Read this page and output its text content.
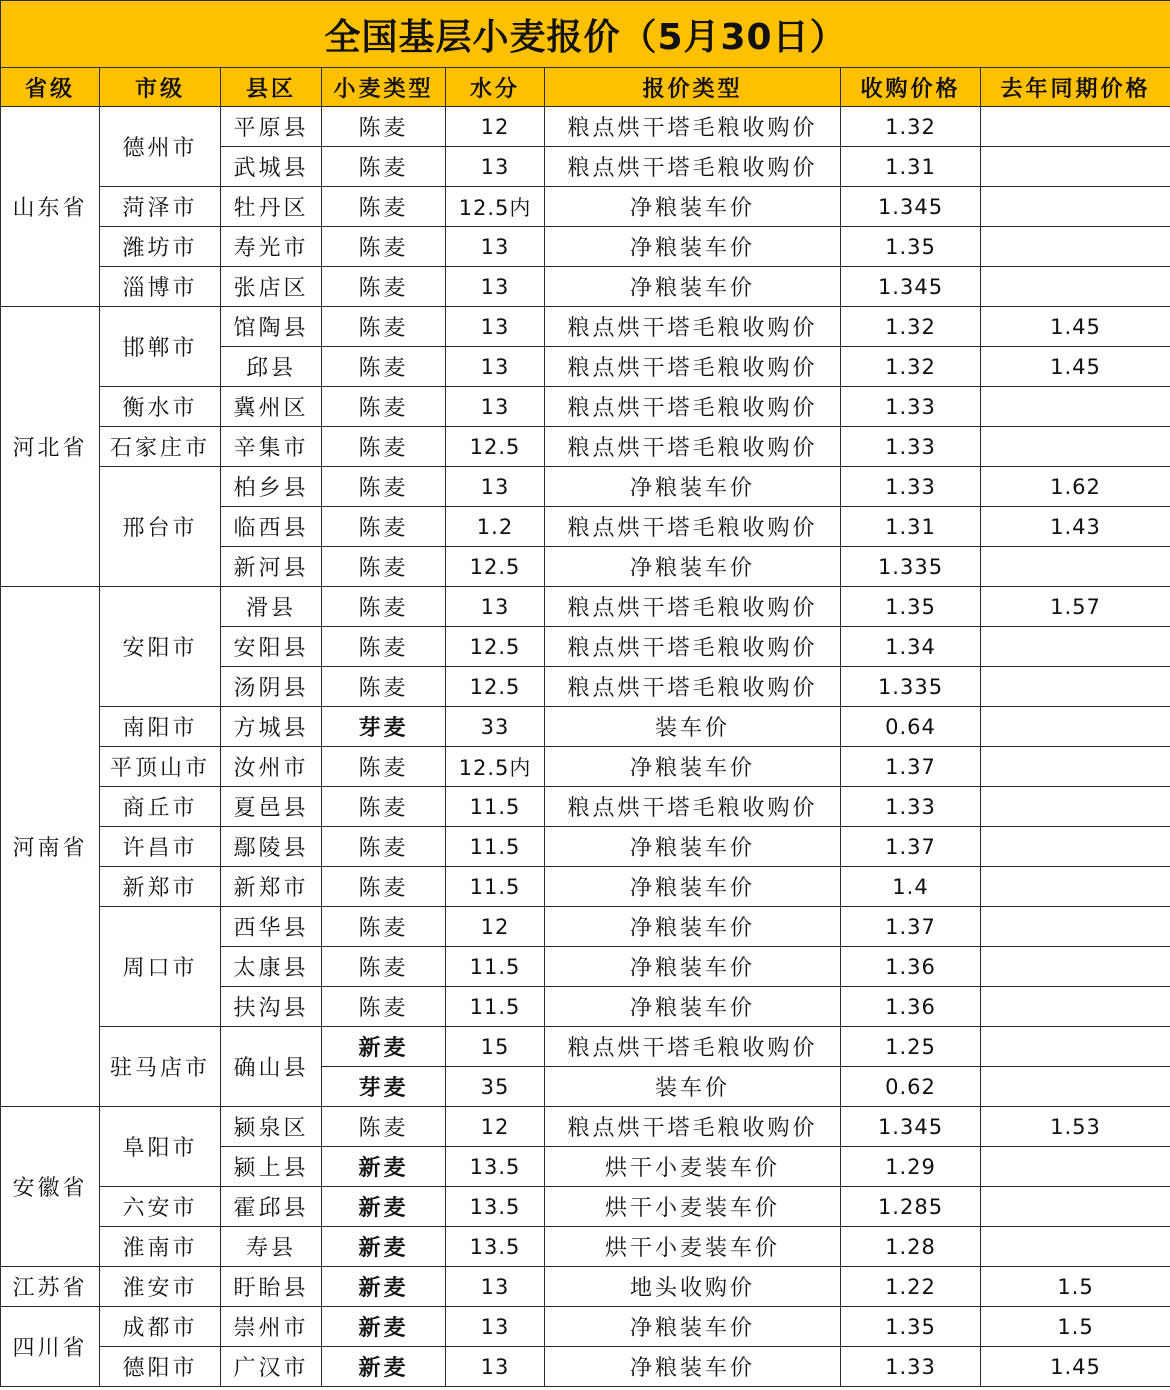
全国基层小麦报价（5月30日）							
省级	市级	县区	小麦类型	水分	报价类型	收购价格	去年同期价格
山东省	德州市	平原县	陈麦	12	粮点烘干塔毛粮收购价	1.32	
		武城县	陈麦	13	粮点烘干塔毛粮收购价	1.31	
	菏泽市	牡丹区	陈麦	12.5内	净粮装车价	1.345	
	潍坊市	寿光市	陈麦	13	净粮装车价	1.35	
	淄博市	张店区	陈麦	13	净粮装车价	1.345	
河北省	邯郸市	馆陶县	陈麦	13	粮点烘干塔毛粮收购价	1.32	1.45
		邱县	陈麦	13	粮点烘干塔毛粮收购价	1.32	1.45
	衡水市	冀州区	陈麦	13	粮点烘干塔毛粮收购价	1.33	
	石家庄市	辛集市	陈麦	12.5	粮点烘干塔毛粮收购价	1.33	
	邢台市	柏乡县	陈麦	13	净粮装车价	1.33	1.62
		临西县	陈麦	1.2	粮点烘干塔毛粮收购价	1.31	1.43
		新河县	陈麦	12.5	净粮装车价	1.335	
河南省	安阳市	滑县	陈麦	13	粮点烘干塔毛粮收购价	1.35	1.57
		安阳县	陈麦	12.5	粮点烘干塔毛粮收购价	1.34	
		汤阴县	陈麦	12.5	粮点烘干塔毛粮收购价	1.335	
	南阳市	方城县	芽麦	33	装车价	0.64	
	平顶山市	汝州市	陈麦	12.5内	净粮装车价	1.37	
	商丘市	夏邑县	陈麦	11.5	粮点烘干塔毛粮收购价	1.33	
	许昌市	鄢陵县	陈麦	11.5	净粮装车价	1.37	
	新郑市	新郑市	陈麦	11.5	净粮装车价	1.4	
	周口市	西华县	陈麦	12	净粮装车价	1.37	
		太康县	陈麦	11.5	净粮装车价	1.36	
		扶沟县	陈麦	11.5	净粮装车价	1.36	
	驻马店市	确山县	新麦	15	粮点烘干塔毛粮收购价	1.25	
			芽麦	35	装车价	0.62	
安徽省	阜阳市	颍泉区	陈麦	12	粮点烘干塔毛粮收购价	1.345	1.53
		颍上县	新麦	13.5	烘干小麦装车价	1.29	
	六安市	霍邱县	新麦	13.5	烘干小麦装车价	1.285	
	淮南市	寿县	新麦	13.5	烘干小麦装车价	1.28	
江苏省	淮安市	盱眙县	新麦	13	地头收购价	1.22	1.5
四川省	成都市	崇州市	新麦	13	净粮装车价	1.35	1.5
	德阳市	广汉市	新麦	13	净粮装车价	1.33	1.45
